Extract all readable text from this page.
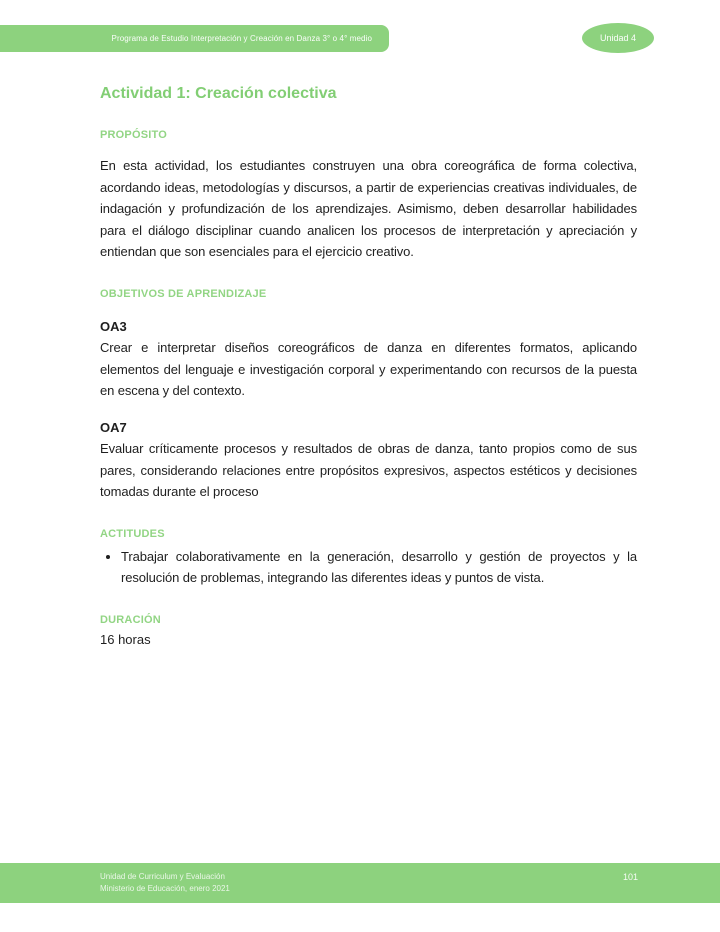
Programa de Estudio Interpretación y Creación en Danza 3° o 4° medio	Unidad 4
Actividad 1: Creación colectiva
PROPÓSITO

En esta actividad, los estudiantes construyen una obra coreográfica de forma colectiva, acordando ideas, metodologías y discursos, a partir de experiencias creativas individuales, de indagación y profundización de los aprendizajes. Asimismo, deben desarrollar habilidades para el diálogo disciplinar cuando analicen los procesos de interpretación y apreciación y entiendan que son esenciales para el ejercicio creativo.

OBJETIVOS DE APRENDIZAJE
OA3

Crear e interpretar diseños coreográficos de danza en diferentes formatos, aplicando elementos del lenguaje e investigación corporal y experimentando con recursos de la puesta en escena y del contexto.

OA7

Evaluar críticamente procesos y resultados de obras de danza, tanto propios como de sus pares, considerando relaciones entre propósitos expresivos, aspectos estéticos y decisiones tomadas durante el proceso

ACTITUDES
• Trabajar colaborativamente en la generación, desarrollo y gestión de proyectos y la resolución de problemas, integrando las diferentes ideas y puntos de vista.
DURACIÓN

16 horas

Unidad de Curriculum y Evaluación
Ministerio de Educación, enero 2021
101
